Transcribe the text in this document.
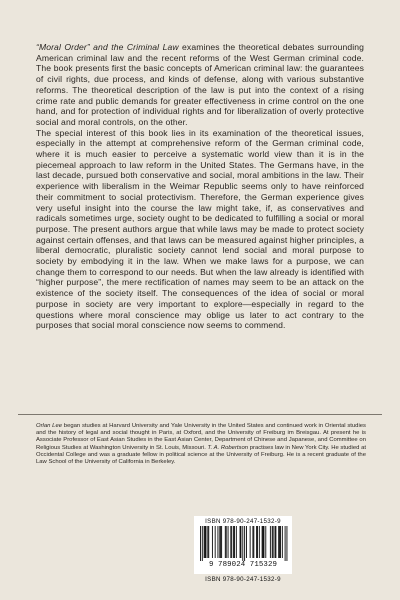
“Moral Order” and the Criminal Law examines the theoretical debates surrounding American criminal law and the recent reforms of the West German criminal code. The book presents first the basic concepts of American criminal law: the guarantees of civil rights, due process, and kinds of defense, along with various substantive reforms. The theoretical description of the law is put into the context of a rising crime rate and public demands for greater effectiveness in crime control on the one hand, and for protection of individual rights and for liberalization of overly protective social and moral controls, on the other.

The special interest of this book lies in its examination of the theoretical issues, especially in the attempt at comprehensive reform of the German criminal code, where it is much easier to perceive a systematic world view than it is in the piecemeal approach to law reform in the United States. The Germans have, in the last decade, pursued both conservative and social, moral ambitions in the law. Their experience with liberalism in the Weimar Republic seems only to have reinforced their commitment to social protectivism. Therefore, the German experience gives very useful insight into the course the law might take, if, as conservatives and radicals sometimes urge, society ought to be dedicated to fulfilling a social or moral purpose. The present authors argue that while laws may be made to protect society against certain offenses, and that laws can be measured against higher principles, a liberal democratic, pluralistic society cannot lend social and moral purpose to society by embodying it in the law. When we make laws for a purpose, we can change them to correspond to our needs. But when the law already is identified with “higher purpose”, the mere rectification of names may seem to be an attack on the existence of the society itself. The consequences of the idea of social or moral purpose in society are very important to explore—especially in regard to the questions where moral conscience may oblige us later to act contrary to the purposes that social moral conscience now seems to commend.

Orlan Lee began studies at Harvard University and Yale University in the United States and continued work in Oriental studies and the history of legal and social thought in Paris, at Oxford, and the University of Freiburg im Breisgau. At present he is Associate Professor of East Asian Studies in the East Asian Center, Department of Chinese and Japanese, and Committee on Religious Studies at Washington University in St. Louis, Missouri. T. A. Robertson practises law in New York City. He studied at Occidental College and was a graduate fellow in political science at the University of Freiburg. He is a recent graduate of the Law School of the University of California in Berkeley.

ISBN 978-90-247-1532-9
9 789024 715329
ISBN 978-90-247-1532-9
